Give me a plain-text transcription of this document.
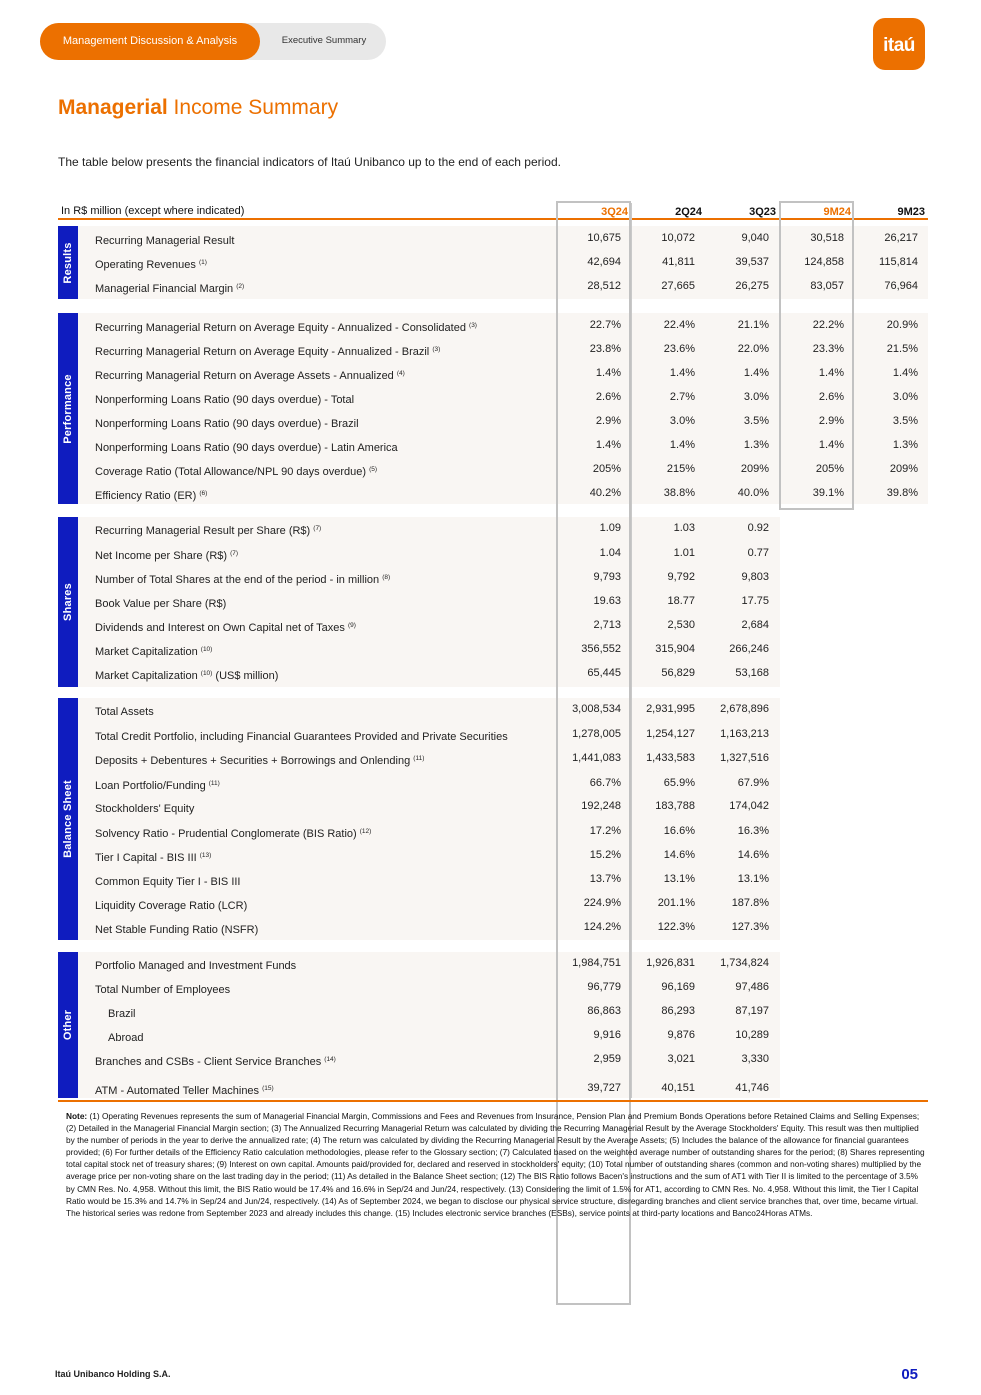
Management Discussion & Analysis	Executive Summary	itaú
Managerial Income Summary
The table below presents the financial indicators of Itaú Unibanco up to the end of each period.
In R$ million (except where indicated)	3Q24	2Q24	3Q23	9M24	9M23
Results
Recurring Managerial Result	10,675	10,072	9,040	30,518	26,217
Operating Revenues $^{(1)}$	42,694	41,811	39,537	124,858	115,814
Managerial Financial Margin $^{(2)}$	28,512	27,665	26,275	83,057	76,964
Performance
Recurring Managerial Return on Average Equity - Annualized - Consolidated $^{(3)}$	22.7%	22.4%	21.1%	22.2%	20.9%
Recurring Managerial Return on Average Equity - Annualized - Brazil $^{(3)}$	23.8%	23.6%	22.0%	23.3%	21.5%
Recurring Managerial Return on Average Assets - Annualized $^{(4)}$	1.4%	1.4%	1.4%	1.4%	1.4%
Nonperforming Loans Ratio (90 days overdue) - Total	2.6%	2.7%	3.0%	2.6%	3.0%
Nonperforming Loans Ratio (90 days overdue) - Brazil	2.9%	3.0%	3.5%	2.9%	3.5%
Nonperforming Loans Ratio (90 days overdue) - Latin America	1.4%	1.4%	1.3%	1.4%	1.3%
Coverage Ratio (Total Allowance/NPL 90 days overdue) $^{(5)}$	205%	215%	209%	205%	209%
Efficiency Ratio (ER) $^{(6)}$	40.2%	38.8%	40.0%	39.1%	39.8%
Shares
Recurring Managerial Result per Share (R$) $^{(7)}$	1.09	1.03	0.92
Net Income per Share (R$) $^{(7)}$	1.04	1.01	0.77
Number of Total Shares at the end of the period - in million $^{(8)}$	9,793	9,792	9,803
Book Value per Share (R$)	19.63	18.77	17.75
Dividends and Interest on Own Capital net of Taxes $^{(9)}$	2,713	2,530	2,684
Market Capitalization $^{(10)}$	356,552	315,904	266,246
Market Capitalization $^{(10)}$ (US$ million)	65,445	56,829	53,168
Balance Sheet
Total Assets	3,008,534	2,931,995	2,678,896
Total Credit Portfolio, including Financial Guarantees Provided and Private Securities	1,278,005	1,254,127	1,163,213
Deposits + Debentures + Securities + Borrowings and Onlending $^{(11)}$	1,441,083	1,433,583	1,327,516
Loan Portfolio/Funding $^{(11)}$	66.7%	65.9%	67.9%
Stockholders' Equity	192,248	183,788	174,042
Solvency Ratio - Prudential Conglomerate (BIS Ratio) $^{(12)}$	17.2%	16.6%	16.3%
Tier I Capital - BIS III $^{(13)}$	15.2%	14.6%	14.6%
Common Equity Tier I - BIS III	13.7%	13.1%	13.1%
Liquidity Coverage Ratio (LCR)	224.9%	201.1%	187.8%
Net Stable Funding Ratio (NSFR)	124.2%	122.3%	127.3%
Other
Portfolio Managed and Investment Funds	1,984,751	1,926,831	1,734,824
Total Number of Employees	96,779	96,169	97,486
Brazil	86,863	86,293	87,197
Abroad	9,916	9,876	10,289
Branches and CSBs - Client Service Branches $^{(14)}$	2,959	3,021	3,330
ATM - Automated Teller Machines $^{(15)}$	39,727	40,151	41,746
Note: (1) Operating Revenues represents the sum of Managerial Financial Margin, Commissions and Fees and Revenues from Insurance, Pension Plan and Premium Bonds Operations before Retained Claims and Selling Expenses; (2) Detailed in the Managerial Financial Margin section; (3) The Annualized Recurring Managerial Return was calculated by dividing the Recurring Managerial Result by the Average Stockholders' Equity. This result was then multiplied by the number of periods in the year to derive the annualized rate; (4) The return was calculated by dividing the Recurring Managerial Result by the Average Assets; (5) Includes the balance of the allowance for financial guarantees provided; (6) For further details of the Efficiency Ratio calculation methodologies, please refer to the Glossary section; (7) Calculated based on the weighted average number of outstanding shares for the period; (8) Shares representing total capital stock net of treasury shares; (9) Interest on own capital. Amounts paid/provided for, declared and reserved in stockholders' equity; (10) Total number of outstanding shares (common and non-voting shares) multiplied by the average price per non-voting share on the last trading day in the period; (11) As detailed in the Balance Sheet section; (12) The BIS Ratio follows Bacen's instructions and the sum of AT1 with Tier II is limited to the percentage of 3.5% by CMN Res. No. 4,958. Without this limit, the BIS Ratio would be 17.4% and 16.6% in Sep/24 and Jun/24, respectively. (13) Considering the limit of 1.5% for AT1, according to CMN Res. No. 4,958. Without this limit, the Tier I Capital Ratio would be 15.3% and 14.7% in Sep/24 and Jun/24, respectively. (14) As of September 2024, we began to disclose our physical service structure, disregarding branches and client service branches that, over time, became virtual. The historical series was redone from September 2023 and already includes this change. (15) Includes electronic service branches (ESBs), service points at third-party locations and Banco24Horas ATMs.
Itaú Unibanco Holding S.A.	05
